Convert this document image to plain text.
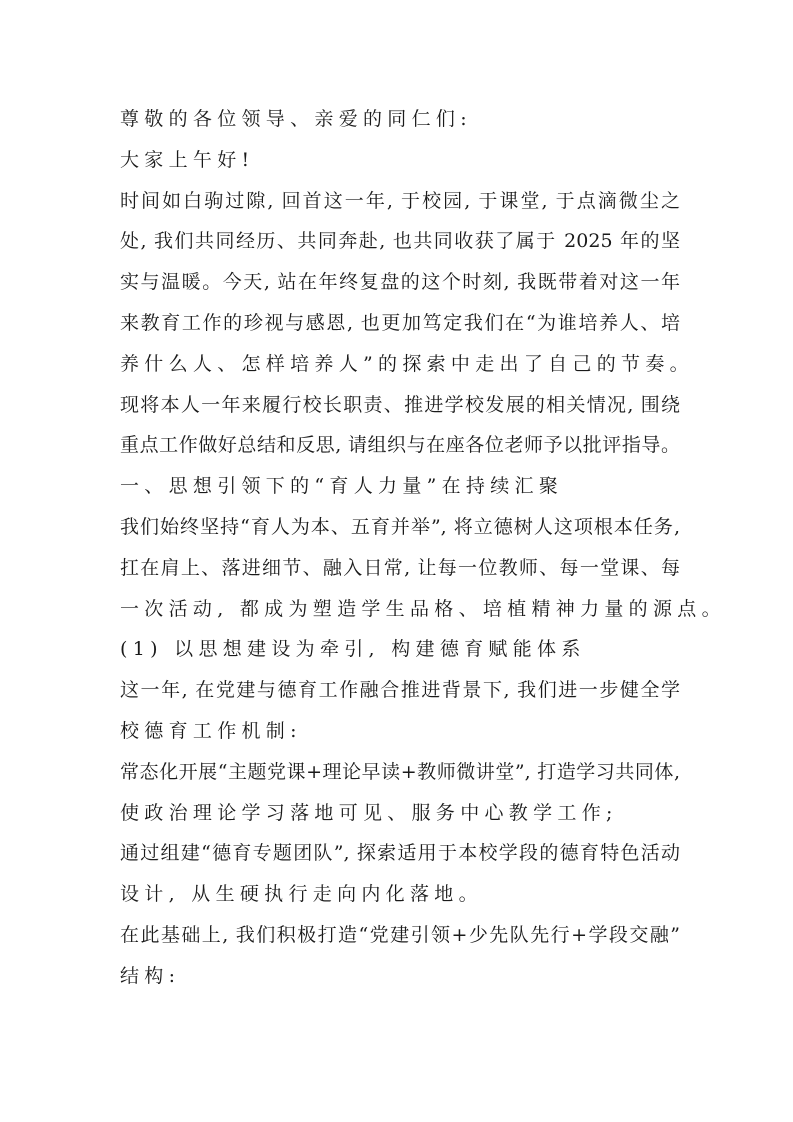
尊敬的各位领导、亲爱的同仁们:
大家上午好!
时间如白驹过隙, 回首这一年, 于校园, 于课堂, 于点滴微尘之
处, 我们共同经历、共同奔赴, 也共同收获了属于 2025 年的坚
实与温暖。今天, 站在年终复盘的这个时刻, 我既带着对这一年
来教育工作的珍视与感恩, 也更加笃定我们在“为谁培养人、培
养什么人、怎样培养人”的探索中走出了自己的节奏。
现将本人一年来履行校长职责、推进学校发展的相关情况, 围绕
重点工作做好总结和反思, 请组织与在座各位老师予以批评指导。
一、思想引领下的“育人力量”在持续汇聚
我们始终坚持“育人为本、五育并举”, 将立德树人这项根本任务,
扛在肩上、落进细节、融入日常, 让每一位教师、每一堂课、每
一次活动, 都成为塑造学生品格、培植精神力量的源点。
(1) 以思想建设为牵引, 构建德育赋能体系
这一年, 在党建与德育工作融合推进背景下, 我们进一步健全学
校德育工作机制:
常态化开展“主题党课+理论早读+教师微讲堂”, 打造学习共同体,
使政治理论学习落地可见、服务中心教学工作;
通过组建“德育专题团队”, 探索适用于本校学段的德育特色活动
设计, 从生硬执行走向内化落地。
在此基础上, 我们积极打造“党建引领+少先队先行+学段交融”
结构:
